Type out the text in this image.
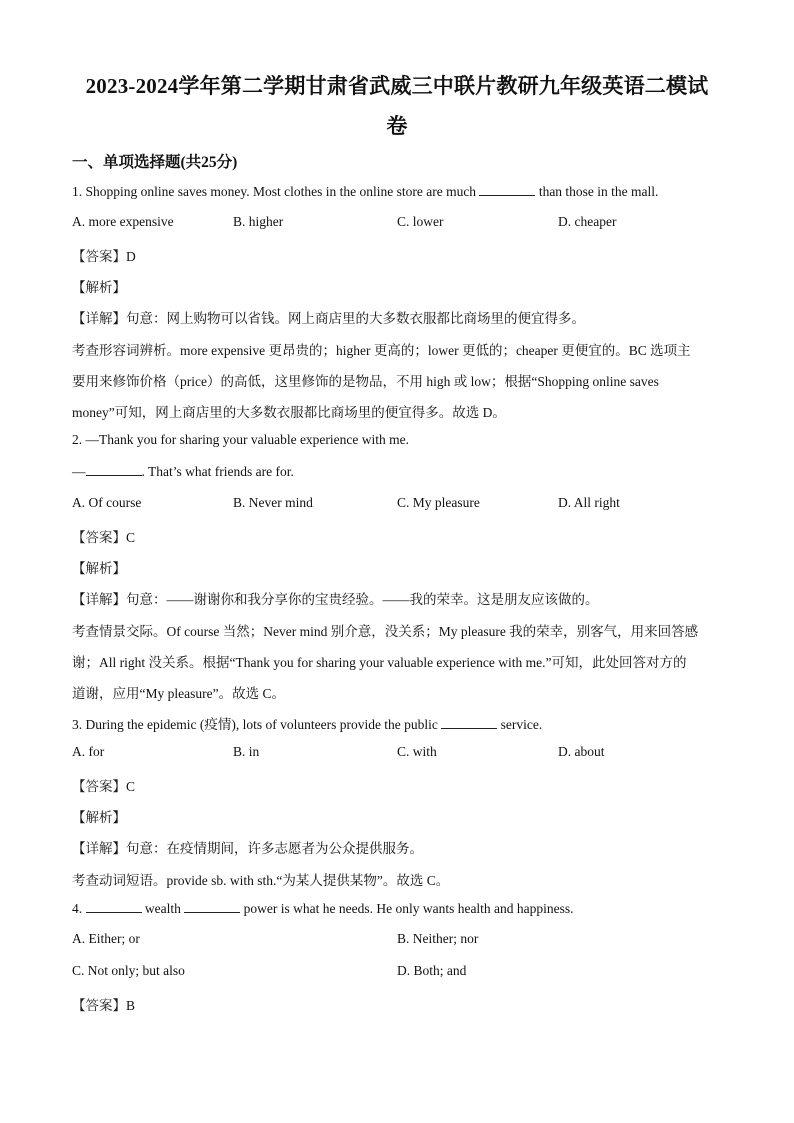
2023-2024学年第二学期甘肃省武威三中联片教研九年级英语二模试
卷
一、单项选择题(共25分)
1. Shopping online saves money. Most clothes in the online store are much	than those in the mall.
A. more expensive	B. higher	C. lower	D. cheaper
【答案】D
【解析】
【详解】句意：网上购物可以省钱。网上商店里的大多数衣服都比商场里的便宜得多。
考查形容词辨析。more expensive 更昂贵的；higher 更高的；lower 更低的；cheaper 更便宜的。BC 选项主
要用来修饰价格（price）的高低，这里修饰的是物品，不用 high 或 low；根据“Shopping online saves
money”可知，网上商店里的大多数衣服都比商场里的便宜得多。故选 D。
2. —Thank you for sharing your valuable experience with me.
—	. That’s what friends are for.
A. Of course	B. Never mind	C. My pleasure	D. All right
【答案】C
【解析】
【详解】句意：——谢谢你和我分享你的宝贵经验。——我的荣幸。这是朋友应该做的。
考查情景交际。Of course 当然；Never mind 别介意，没关系；My pleasure 我的荣幸，别客气，用来回答感
谢；All right 没关系。根据“Thank you for sharing your valuable experience with me.”可知，此处回答对方的
道谢，应用“My pleasure”。故选 C。
3. During the epidemic (疫情), lots of volunteers provide the public	service.
A. for	B. in	C. with	D. about
【答案】C
【解析】
【详解】句意：在疫情期间，许多志愿者为公众提供服务。
考查动词短语。provide sb. with sth.“为某人提供某物”。故选 C。
4.	wealth	power is what he needs. He only wants health and happiness.
A. Either; or	B. Neither; nor
C. Not only; but also	D. Both; and
【答案】B
